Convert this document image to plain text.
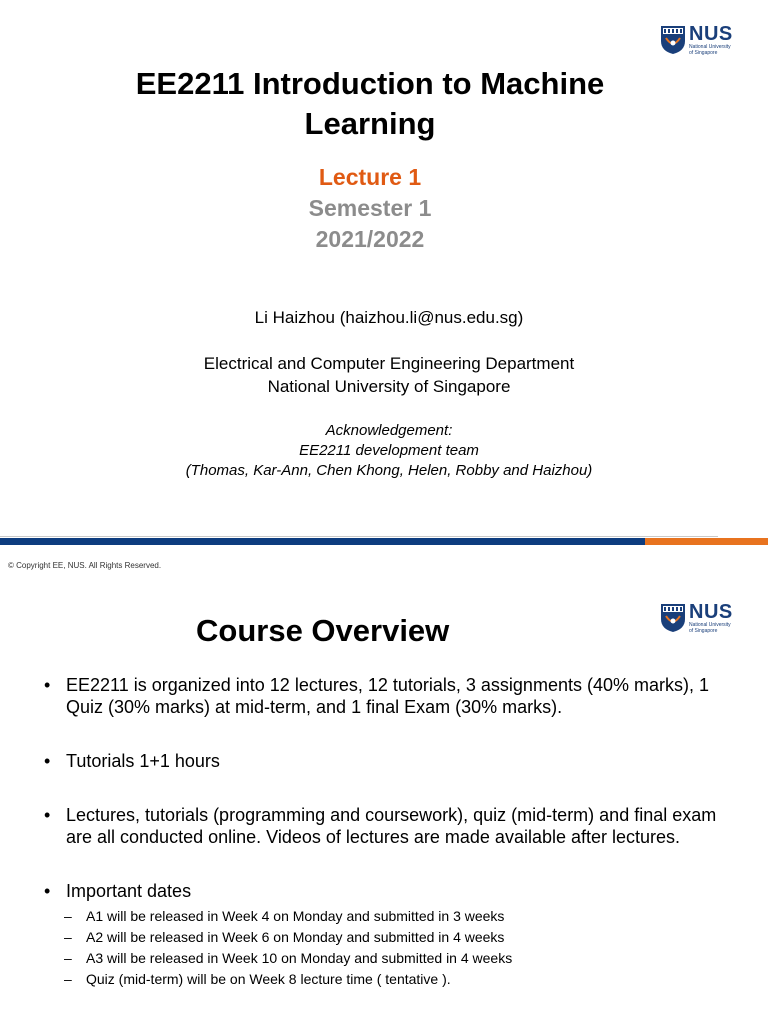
NUS
National University
of Singapore
EE2211 Introduction to Machine Learning
Lecture 1
Semester 1
2021/2022
Li Haizhou (haizhou.li@nus.edu.sg)
Electrical and Computer Engineering Department
National University of Singapore
Acknowledgement:
EE2211 development team
(Thomas, Kar-Ann, Chen Khong, Helen, Robby and Haizhou)
© Copyright EE, NUS. All Rights Reserved.
NUS
National University
of Singapore
Course Overview
• EE2211 is organized into 12 lectures, 12 tutorials, 3 assignments (40% marks), 1 Quiz (30% marks) at mid-term, and 1 final Exam (30% marks).
• Tutorials 1+1 hours
• Lectures, tutorials (programming and coursework), quiz (mid-term) and final exam are all conducted online. Videos of lectures are made available after lectures.
• Important dates
– A1 will be released in Week 4 on Monday and submitted in 3 weeks
– A2 will be released in Week 6 on Monday and submitted in 4 weeks
– A3 will be released in Week 10 on Monday and submitted in 4 weeks
– Quiz (mid-term) will be on Week 8 lecture time ( tentative ).
